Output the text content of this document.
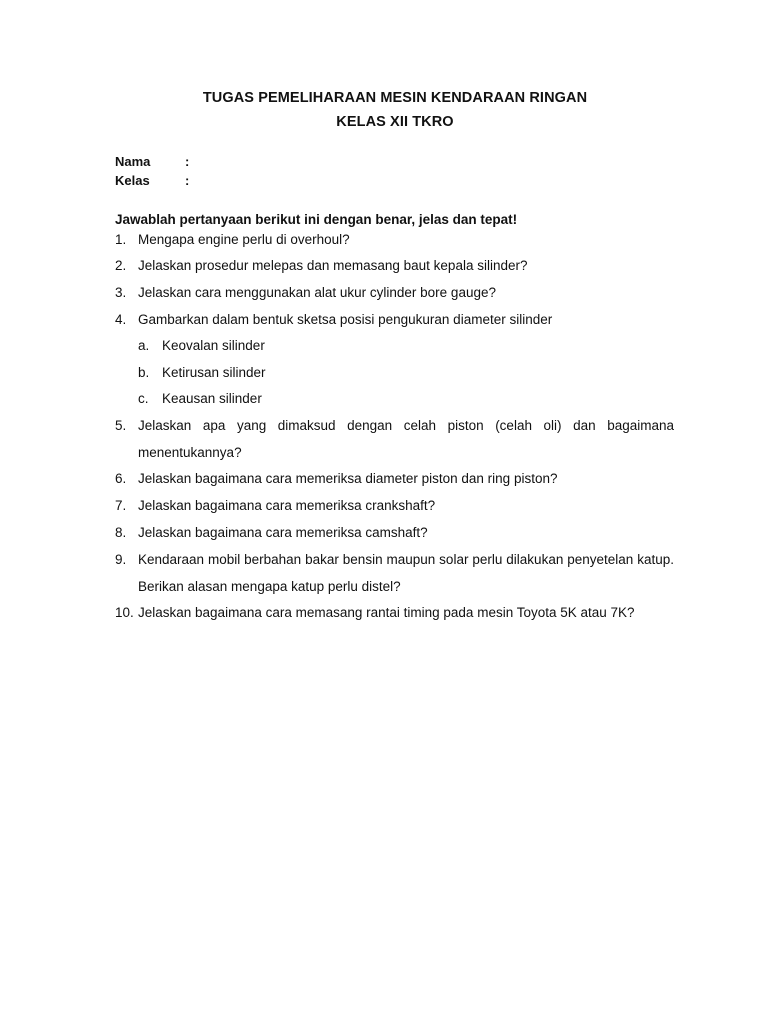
TUGAS PEMELIHARAAN MESIN KENDARAAN RINGAN
KELAS XII TKRO
Nama	:
Kelas	:
Jawablah pertanyaan berikut ini dengan benar, jelas dan tepat!
1. Mengapa engine perlu di overhoul?
2. Jelaskan prosedur melepas dan memasang baut kepala silinder?
3. Jelaskan cara menggunakan alat ukur cylinder bore gauge?
4. Gambarkan dalam bentuk sketsa posisi pengukuran diameter silinder
a. Keovalan silinder
b. Ketirusan silinder
c. Keausan silinder
5. Jelaskan apa yang dimaksud dengan celah piston (celah oli) dan bagaimana menentukannya?
6. Jelaskan bagaimana cara memeriksa diameter piston dan ring piston?
7. Jelaskan bagaimana cara memeriksa crankshaft?
8. Jelaskan bagaimana cara memeriksa camshaft?
9. Kendaraan mobil berbahan bakar bensin maupun solar perlu dilakukan penyetelan katup. Berikan alasan mengapa katup perlu distel?
10. Jelaskan bagaimana cara memasang rantai timing pada mesin Toyota 5K atau 7K?
